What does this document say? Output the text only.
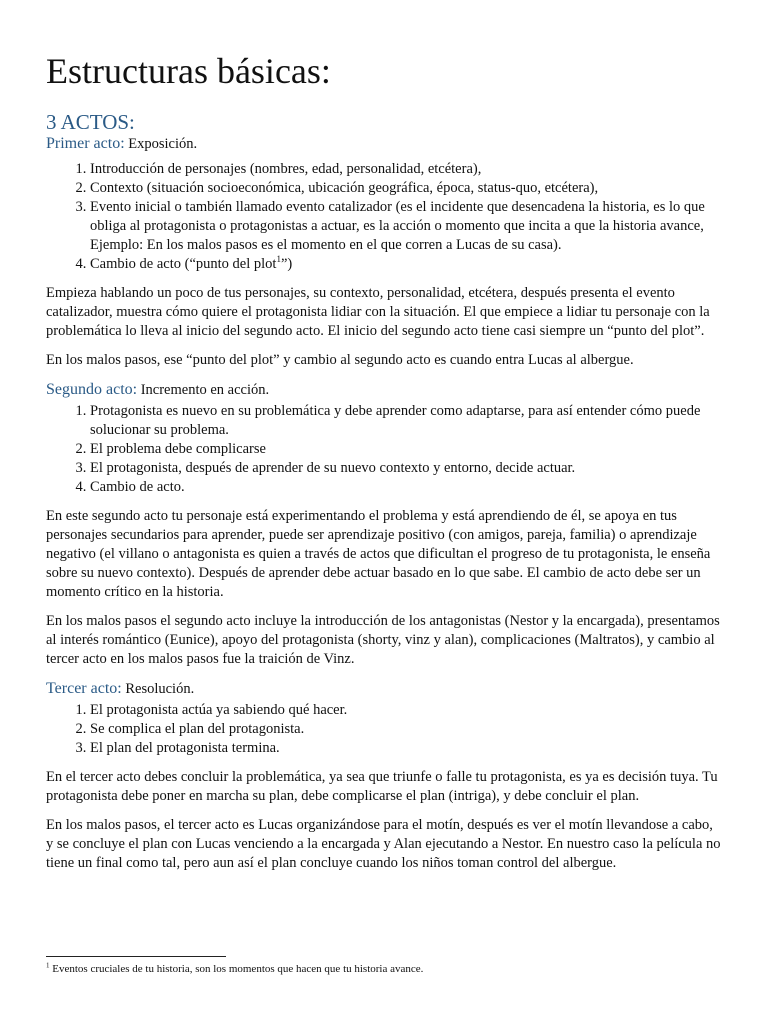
Estructuras básicas:
3 ACTOS:
Primer acto: Exposición.
1. Introducción de personajes (nombres, edad, personalidad, etcétera),
2. Contexto (situación socioeconómica, ubicación geográfica, época, status-quo, etcétera),
3. Evento inicial o también llamado evento catalizador (es el incidente que desencadena la historia, es lo que obliga al protagonista o protagonistas a actuar, es la acción o momento que incita a que la historia avance, Ejemplo: En los malos pasos es el momento en el que corren a Lucas de su casa).
4. Cambio de acto (“punto del plot$^1$”)

Empieza hablando un poco de tus personajes, su contexto, personalidad, etcétera, después presenta el evento catalizador, muestra cómo quiere el protagonista lidiar con la situación. El que empiece a lidiar tu personaje con la problemática lo lleva al inicio del segundo acto. El inicio del segundo acto tiene casi siempre un “punto del plot”.

En los malos pasos, ese “punto del plot” y cambio al segundo acto es cuando entra Lucas al albergue.

Segundo acto: Incremento en acción.
1. Protagonista es nuevo en su problemática y debe aprender como adaptarse, para así entender cómo puede solucionar su problema.
2. El problema debe complicarse
3. El protagonista, después de aprender de su nuevo contexto y entorno, decide actuar.
4. Cambio de acto.

En este segundo acto tu personaje está experimentando el problema y está aprendiendo de él, se apoya en tus personajes secundarios para aprender, puede ser aprendizaje positivo (con amigos, pareja, familia) o aprendizaje negativo (el villano o antagonista es quien a través de actos que dificultan el progreso de tu protagonista, le enseña sobre su nuevo contexto). Después de aprender debe actuar basado en lo que sabe. El cambio de acto debe ser un momento crítico en la historia.

En los malos pasos el segundo acto incluye la introducción de los antagonistas (Nestor y la encargada), presentamos al interés romántico (Eunice), apoyo del protagonista (shorty, vinz y alan), complicaciones (Maltratos), y cambio al tercer acto en los malos pasos fue la traición de Vinz.

Tercer acto: Resolución.
1. El protagonista actúa ya sabiendo qué hacer.
2. Se complica el plan del protagonista.
3. El plan del protagonista termina.

En el tercer acto debes concluir la problemática, ya sea que triunfe o falle tu protagonista, es ya es decisión tuya. Tu protagonista debe poner en marcha su plan, debe complicarse el plan (intriga), y debe concluir el plan.

En los malos pasos, el tercer acto es Lucas organizándose para el motín, después es ver el motín llevandose a cabo, y se concluye el plan con Lucas venciendo a la encargada y Alan ejecutando a Nestor. En nuestro caso la película no tiene un final como tal, pero aun así el plan concluye cuando los niños toman control del albergue.

$^1$ Eventos cruciales de tu historia, son los momentos que hacen que tu historia avance.
